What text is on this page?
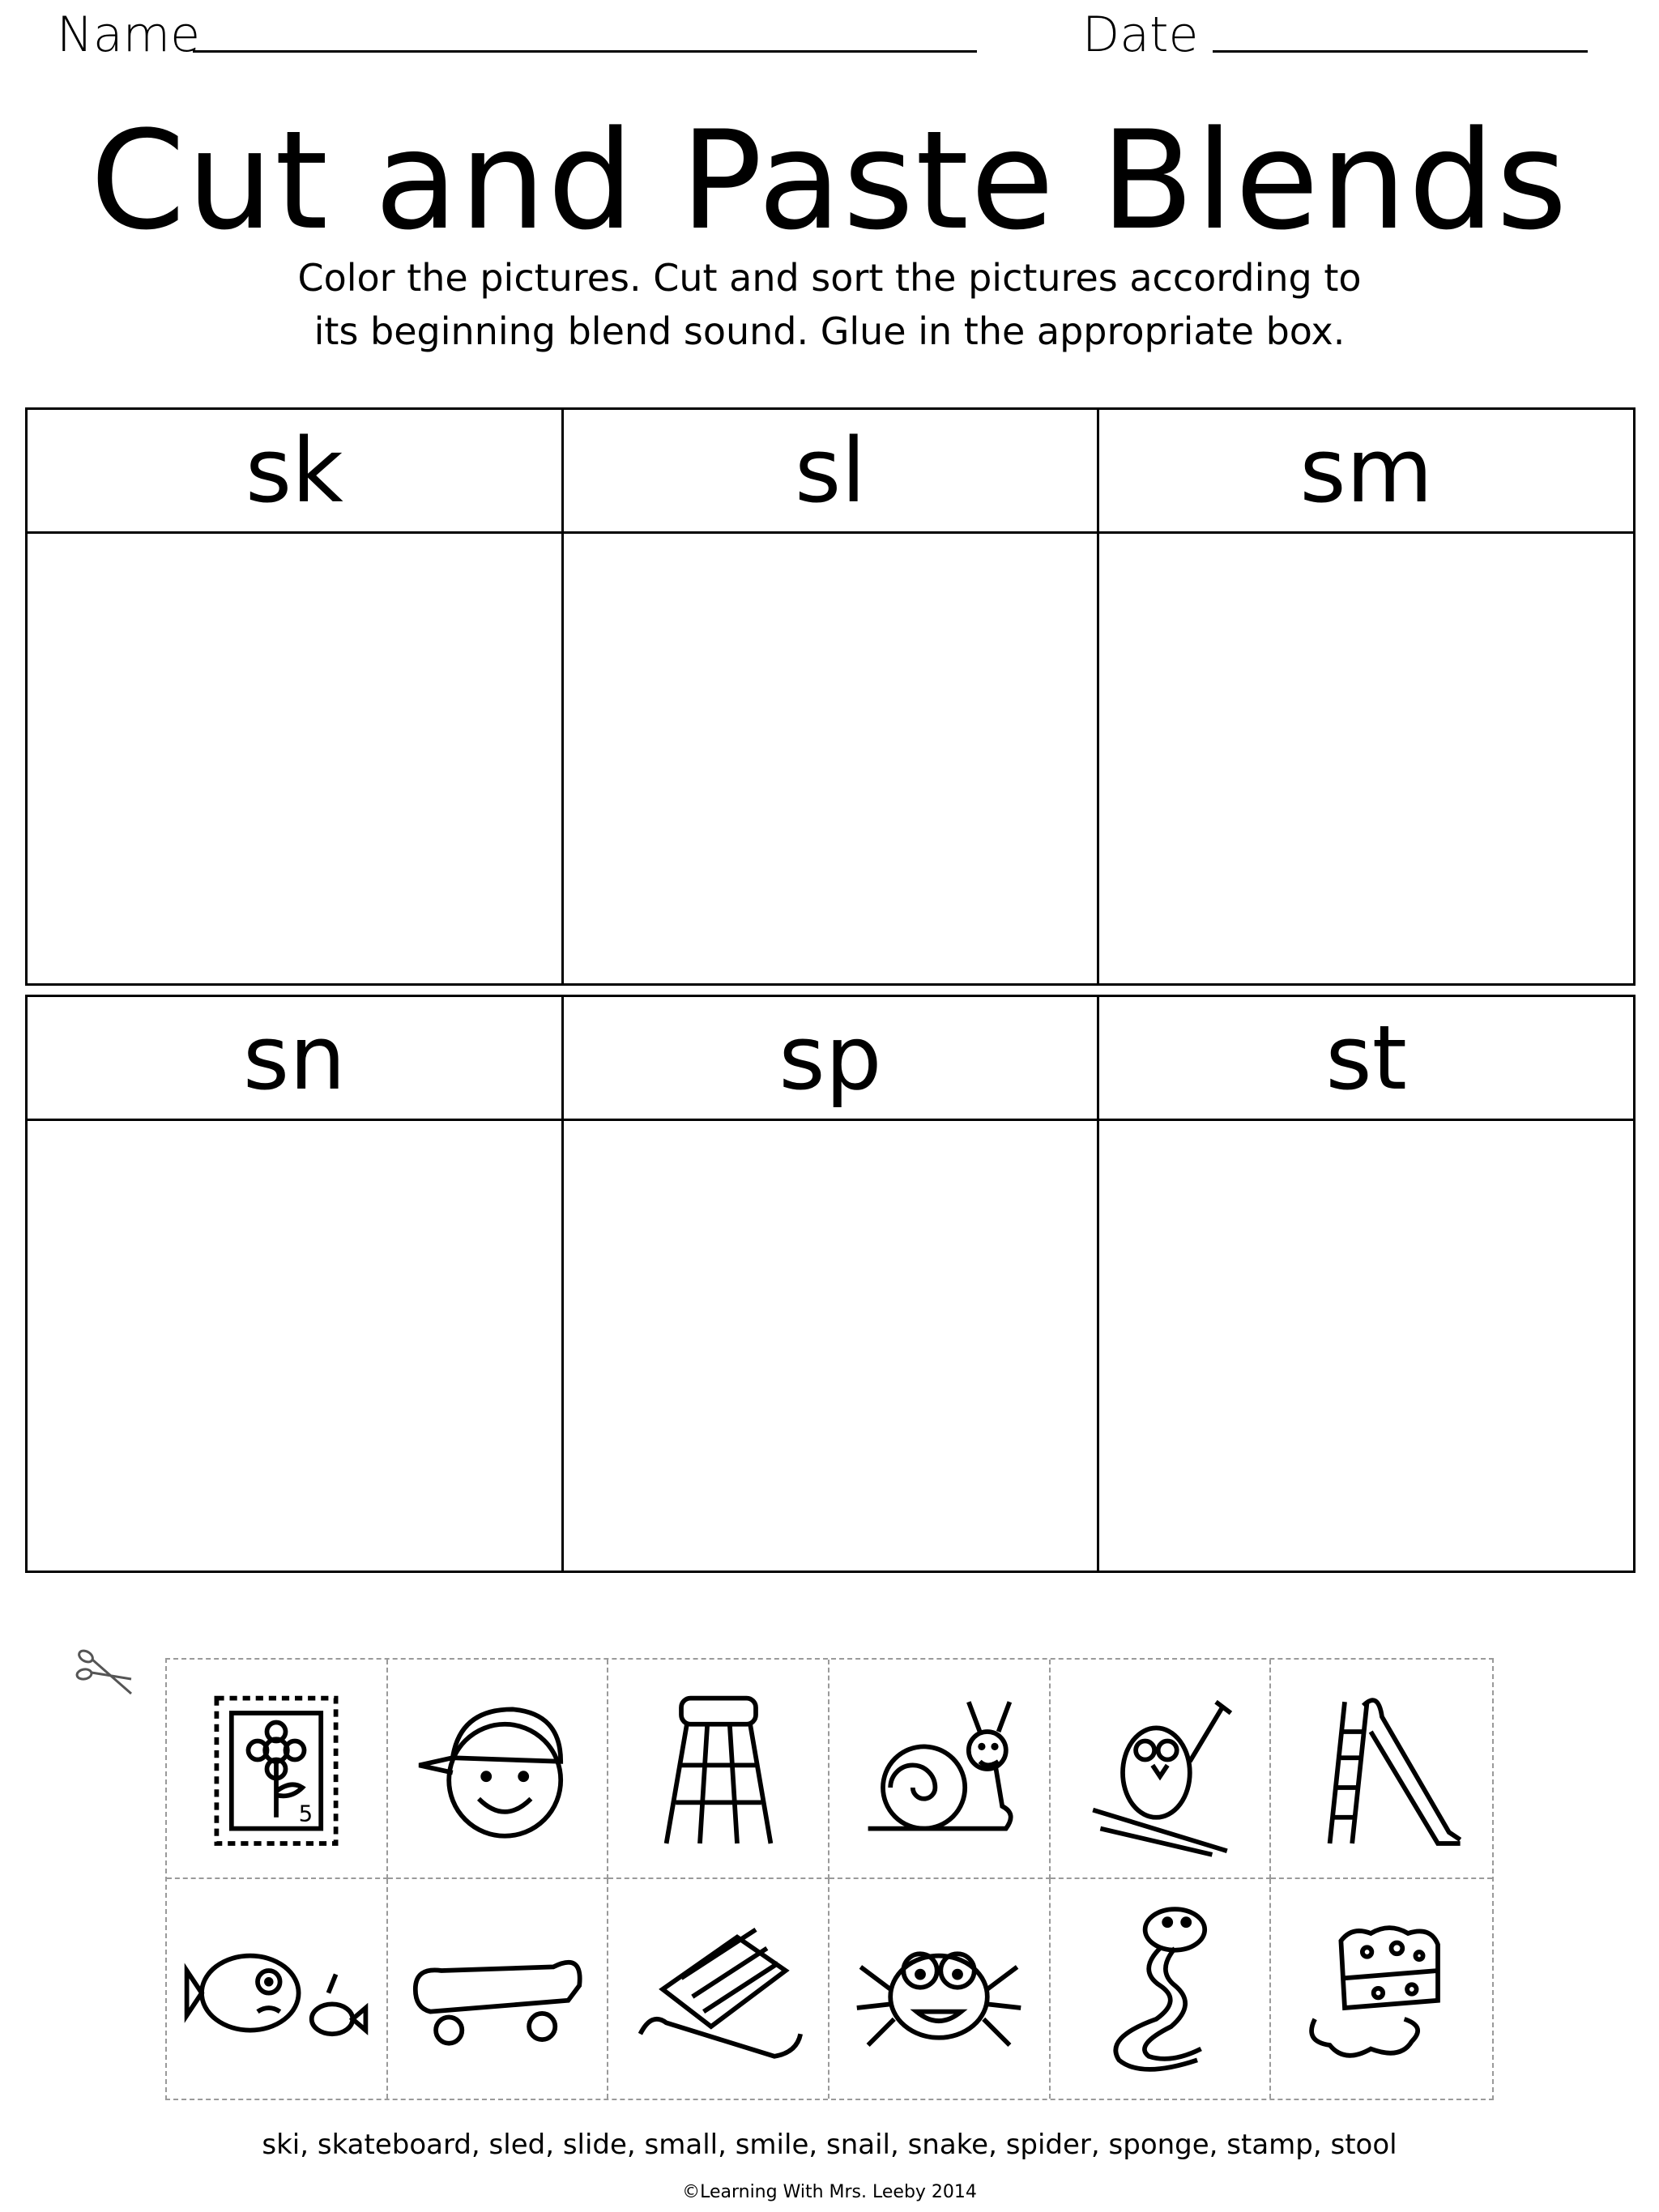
Name	Date
Cut and Paste Blends
Color the pictures. Cut and sort the pictures according to
its beginning blend sound. Glue in the appropriate box.
sk	sl	sm

sn	sp	st

5
ski, skateboard, sled, slide, small, smile, snail, snake, spider, sponge, stamp, stool
©Learning With Mrs. Leeby 2014
